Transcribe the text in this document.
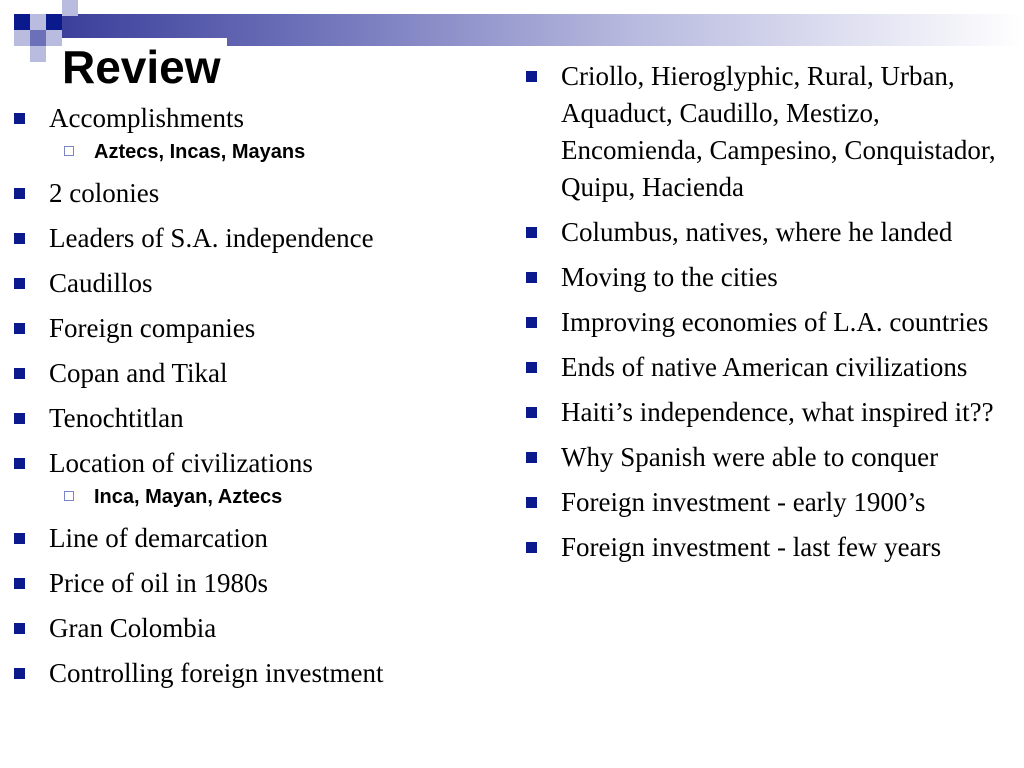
Review
Accomplishments
Aztecs, Incas, Mayans
2 colonies
Leaders of S.A. independence
Caudillos
Foreign companies
Copan and Tikal
Tenochtitlan
Location of civilizations
Inca, Mayan, Aztecs
Line of demarcation
Price of oil in 1980s
Gran Colombia
Controlling foreign investment
Criollo, Hieroglyphic, Rural, Urban, Aquaduct, Caudillo, Mestizo, Encomienda, Campesino, Conquistador, Quipu, Hacienda
Columbus, natives, where he landed
Moving to the cities
Improving economies of L.A. countries
Ends of native American civilizations
Haiti’s independence, what inspired it??
Why Spanish were able to conquer
Foreign investment - early 1900’s
Foreign investment - last few years
